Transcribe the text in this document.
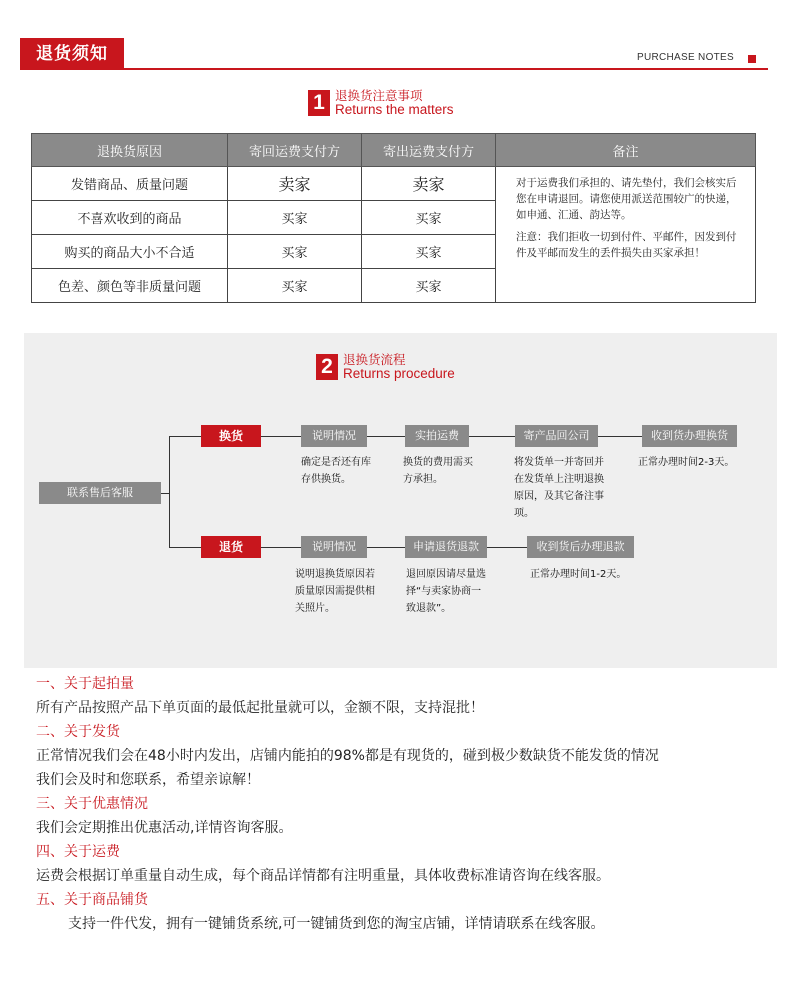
退货须知	PURCHASE NOTES
1 退换货注意事项
Returns the matters
退换货原因	寄回运费支付方	寄出运费支付方	备注
发错商品、质量问题	卖家	卖家	对于运费我们承担的、请先垫付，我们会核实后您在申请退回。请您使用派送范围较广的快递，如申通、汇通、韵达等。

注意：我们拒收一切到付件、平邮件，因发到付件及平邮而发生的丢件损失由买家承担！

不喜欢收到的商品	买家	买家	
购买的商品大小不合适	买家	买家	
色差、颜色等非质量问题	买家	买家	
2 退换货流程
Returns procedure
联系售后客服
换货	说明情况	实拍运费	寄产品回公司	收到货办理换货
确定是否还有库存供换货。
换货的费用需买方承担。
将发货单一并寄回并在发货单上注明退换原因，及其它备注事项。
正常办理时间2-3天。
退货	说明情况	申请退货退款	收到货后办理退款
说明退换货原因若质量原因需提供相关照片。
退回原因请尽量选择“与卖家协商一致退款”。
正常办理时间1-2天。
一、关于起拍量
所有产品按照产品下单页面的最低起批量就可以，金额不限，支持混批！
二、关于发货
正常情况我们会在48小时内发出，店铺内能拍的98%都是有现货的，碰到极少数缺货不能发货的情况
我们会及时和您联系，希望亲谅解！
三、关于优惠情况
我们会定期推出优惠活动,详情咨询客服。
四、关于运费
运费会根据订单重量自动生成，每个商品详情都有注明重量，具体收费标准请咨询在线客服。
五、关于商品铺货
支持一件代发，拥有一键铺货系统,可一键铺货到您的淘宝店铺，详情请联系在线客服。
